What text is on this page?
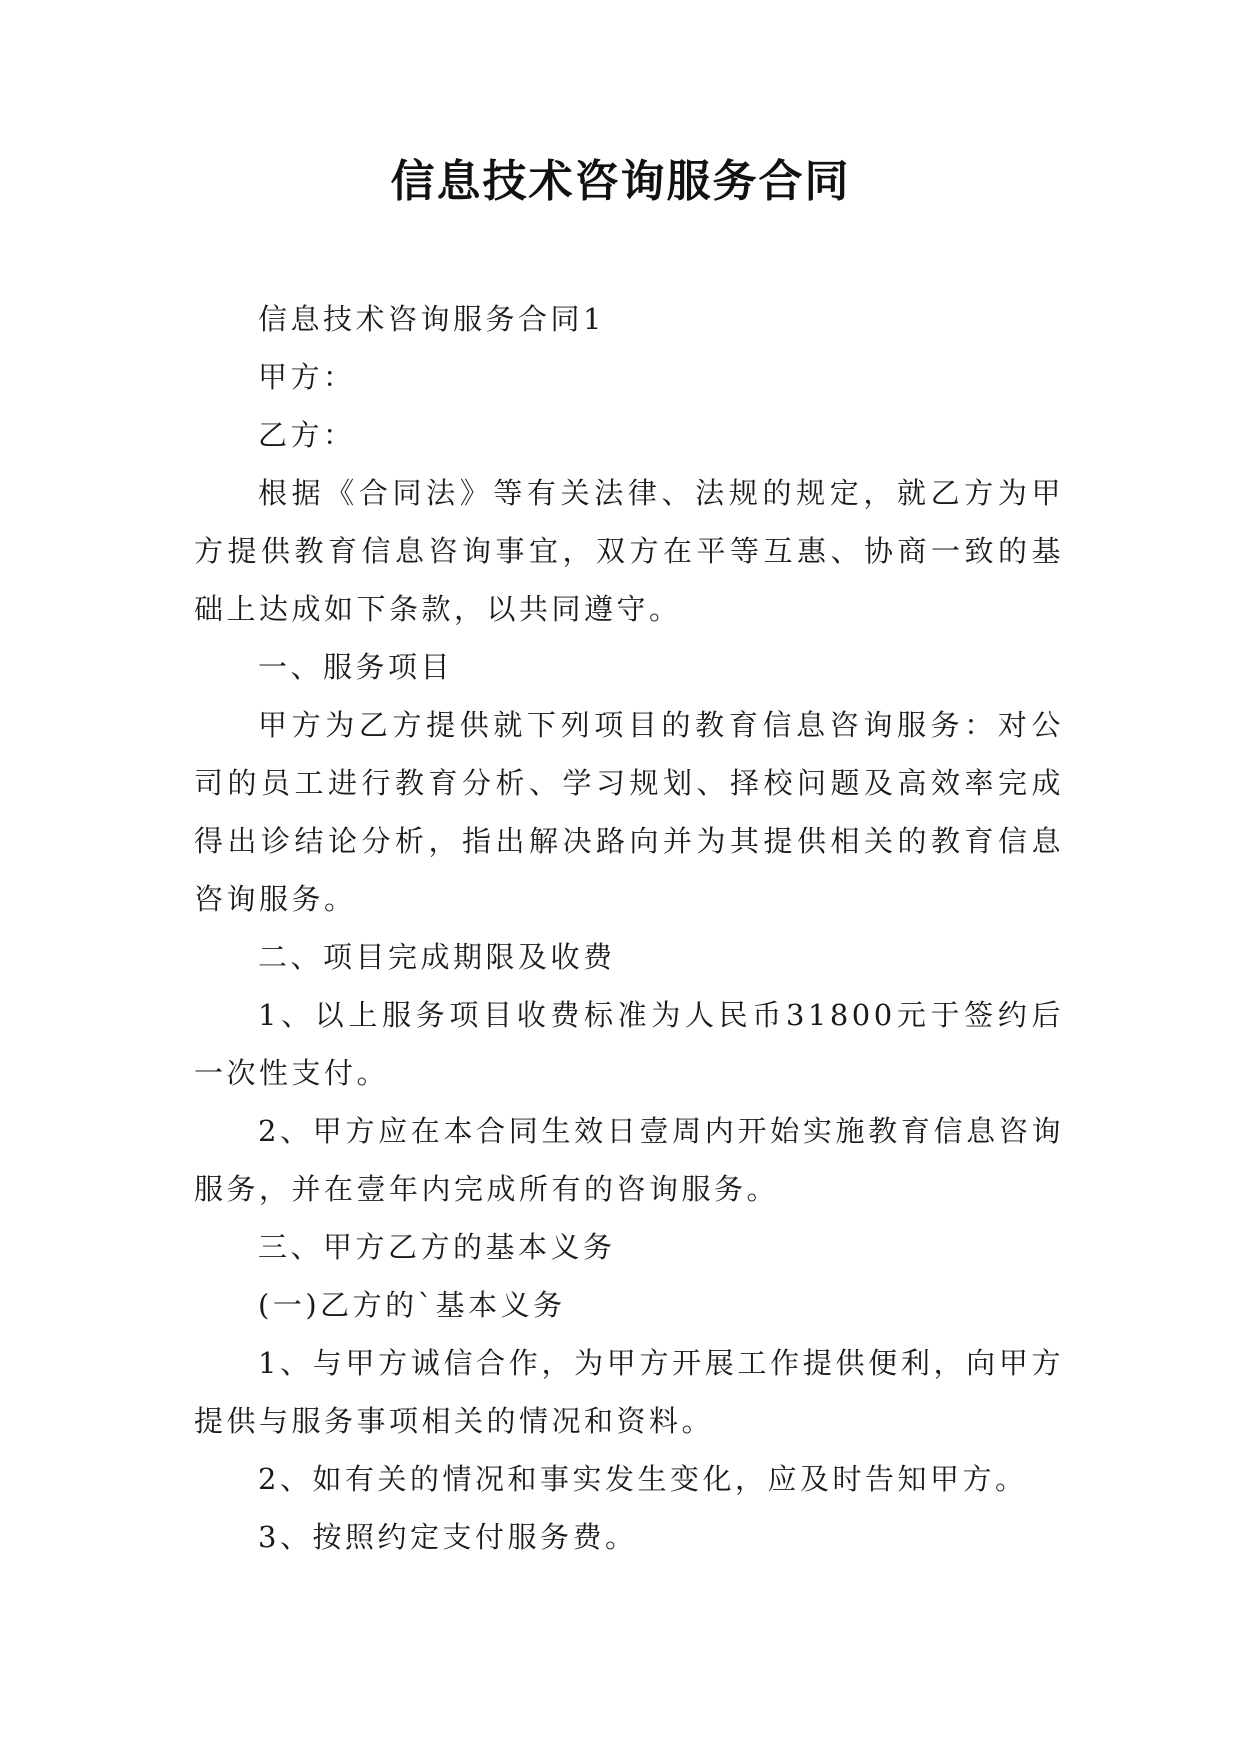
信息技术咨询服务合同

信息技术咨询服务合同1

甲方：

乙方：

根据《合同法》等有关法律、法规的规定，就乙方为甲方提供教育信息咨询事宜，双方在平等互惠、协商一致的基础上达成如下条款，以共同遵守。

一、服务项目

甲方为乙方提供就下列项目的教育信息咨询服务：对公司的员工进行教育分析、学习规划、择校问题及高效率完成得出诊结论分析，指出解决路向并为其提供相关的教育信息咨询服务。

二、项目完成期限及收费

1、以上服务项目收费标准为人民币31800元于签约后一次性支付。

2、甲方应在本合同生效日壹周内开始实施教育信息咨询服务，并在壹年内完成所有的咨询服务。

三、甲方乙方的基本义务

(一)乙方的`基本义务

1、与甲方诚信合作，为甲方开展工作提供便利，向甲方提供与服务事项相关的情况和资料。

2、如有关的情况和事实发生变化，应及时告知甲方。

3、按照约定支付服务费。
